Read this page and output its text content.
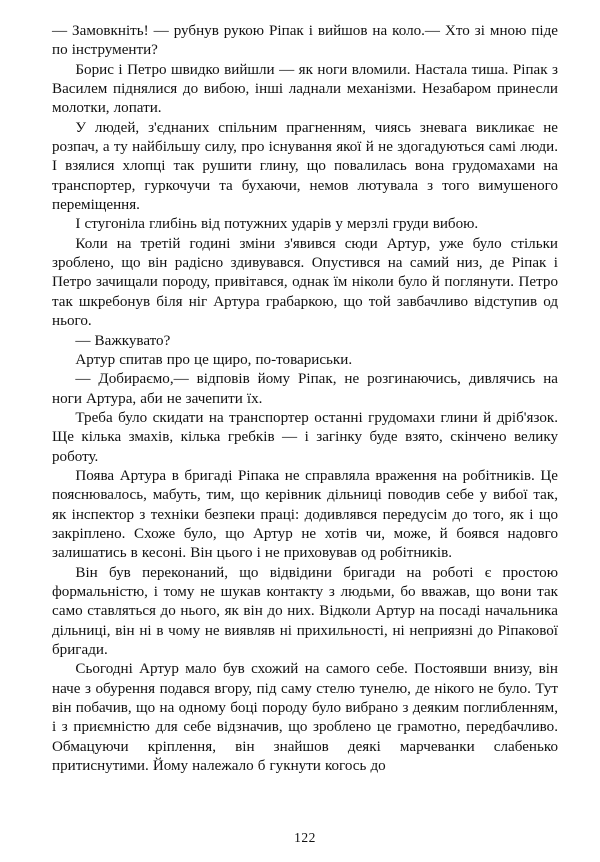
— Замовкніть! — рубнув рукою Ріпак і вийшов на коло.— Хто зі мною піде по інструменти?

Борис і Петро швидко вийшли — як ноги вломили. Настала тиша. Ріпак з Василем піднялися до вибою, інші ладнали механізми. Незабаром принесли молотки, лопати.

У людей, з'єднаних спільним прагненням, чиясь зневага викликає не розпач, а ту найбільшу силу, про існування якої й не здогадуються самі люди. І взялися хлопці так рушити глину, що повалилась вона грудомахами на транспортер, гуркочучи та бухаючи, немов лютувала з того вимушеного переміщення.

І стугоніла глибінь від потужних ударів у мерзлі груди вибою.

Коли на третій годині зміни з'явився сюди Артур, уже було стільки зроблено, що він радісно здивувався. Опустився на самий низ, де Ріпак і Петро зачищали породу, привітався, однак їм ніколи було й поглянути. Петро так шкребонув біля ніг Артура грабаркою, що той завбачливо відступив од нього.

— Важкувато?

Артур спитав про це щиро, по-товариськи.

— Добираємо,— відповів йому Ріпак, не розгинаючись, дивлячись на ноги Артура, аби не зачепити їх.

Треба було скидати на транспортер останні грудомахи глини й дріб'язок. Ще кілька змахів, кілька гребків — і загінку буде взято, скінчено велику роботу.

Поява Артура в бригаді Ріпака не справляла враження на робітників. Це пояснювалось, мабуть, тим, що керівник дільниці поводив себе у вибої так, як інспектор з техніки безпеки праці: додивлявся передусім до того, як і що закріплено. Схоже було, що Артур не хотів чи, може, й боявся надовго залишатись в кесоні. Він цього і не приховував од робітників.

Він був переконаний, що відвідини бригади на роботі є простою формальністю, і тому не шукав контакту з людьми, бо вважав, що вони так само ставляться до нього, як він до них. Відколи Артур на посаді начальника дільниці, він ні в чому не виявляв ні прихильності, ні неприязні до Ріпакової бригади.

Сьогодні Артур мало був схожий на самого себе. Постоявши внизу, він наче з обурення подався вгору, під саму стелю тунелю, де нікого не було. Тут він побачив, що на одному боці породу було вибрано з деяким поглибленням, і з приємністю для себе відзначив, що зроблено це грамотно, передбачливо. Обмацуючи кріплення, він знайшов деякі марчеванки слабенько притиснутими. Йому належало б гукнути когось до

122
